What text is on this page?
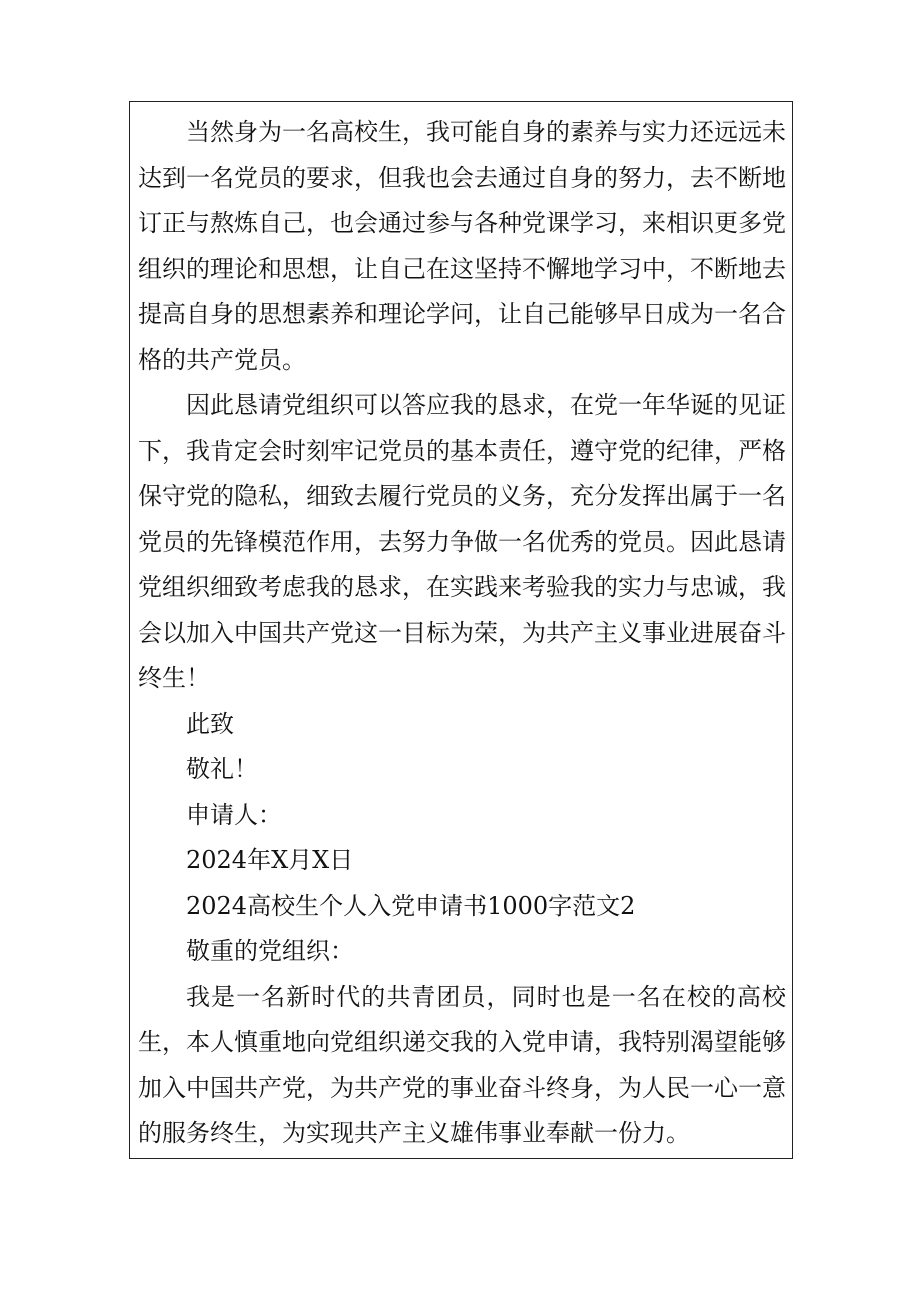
当然身为一名高校生，我可能自身的素养与实力还远远未达到一名党员的要求，但我也会去通过自身的努力，去不断地订正与熬炼自己，也会通过参与各种党课学习，来相识更多党组织的理论和思想，让自己在这坚持不懈地学习中，不断地去提高自身的思想素养和理论学问，让自己能够早日成为一名合格的共产党员。

因此恳请党组织可以答应我的恳求，在党一年华诞的见证下，我肯定会时刻牢记党员的基本责任，遵守党的纪律，严格保守党的隐私，细致去履行党员的义务，充分发挥出属于一名党员的先锋模范作用，去努力争做一名优秀的党员。因此恳请党组织细致考虑我的恳求，在实践来考验我的实力与忠诚，我会以加入中国共产党这一目标为荣，为共产主义事业进展奋斗终生！

此致

敬礼！

申请人：

2024年X月X日

2024高校生个人入党申请书1000字范文2

敬重的党组织：

我是一名新时代的共青团员，同时也是一名在校的高校生，本人慎重地向党组织递交我的入党申请，我特别渴望能够加入中国共产党，为共产党的事业奋斗终身，为人民一心一意的服务终生，为实现共产主义雄伟事业奉献一份力。
